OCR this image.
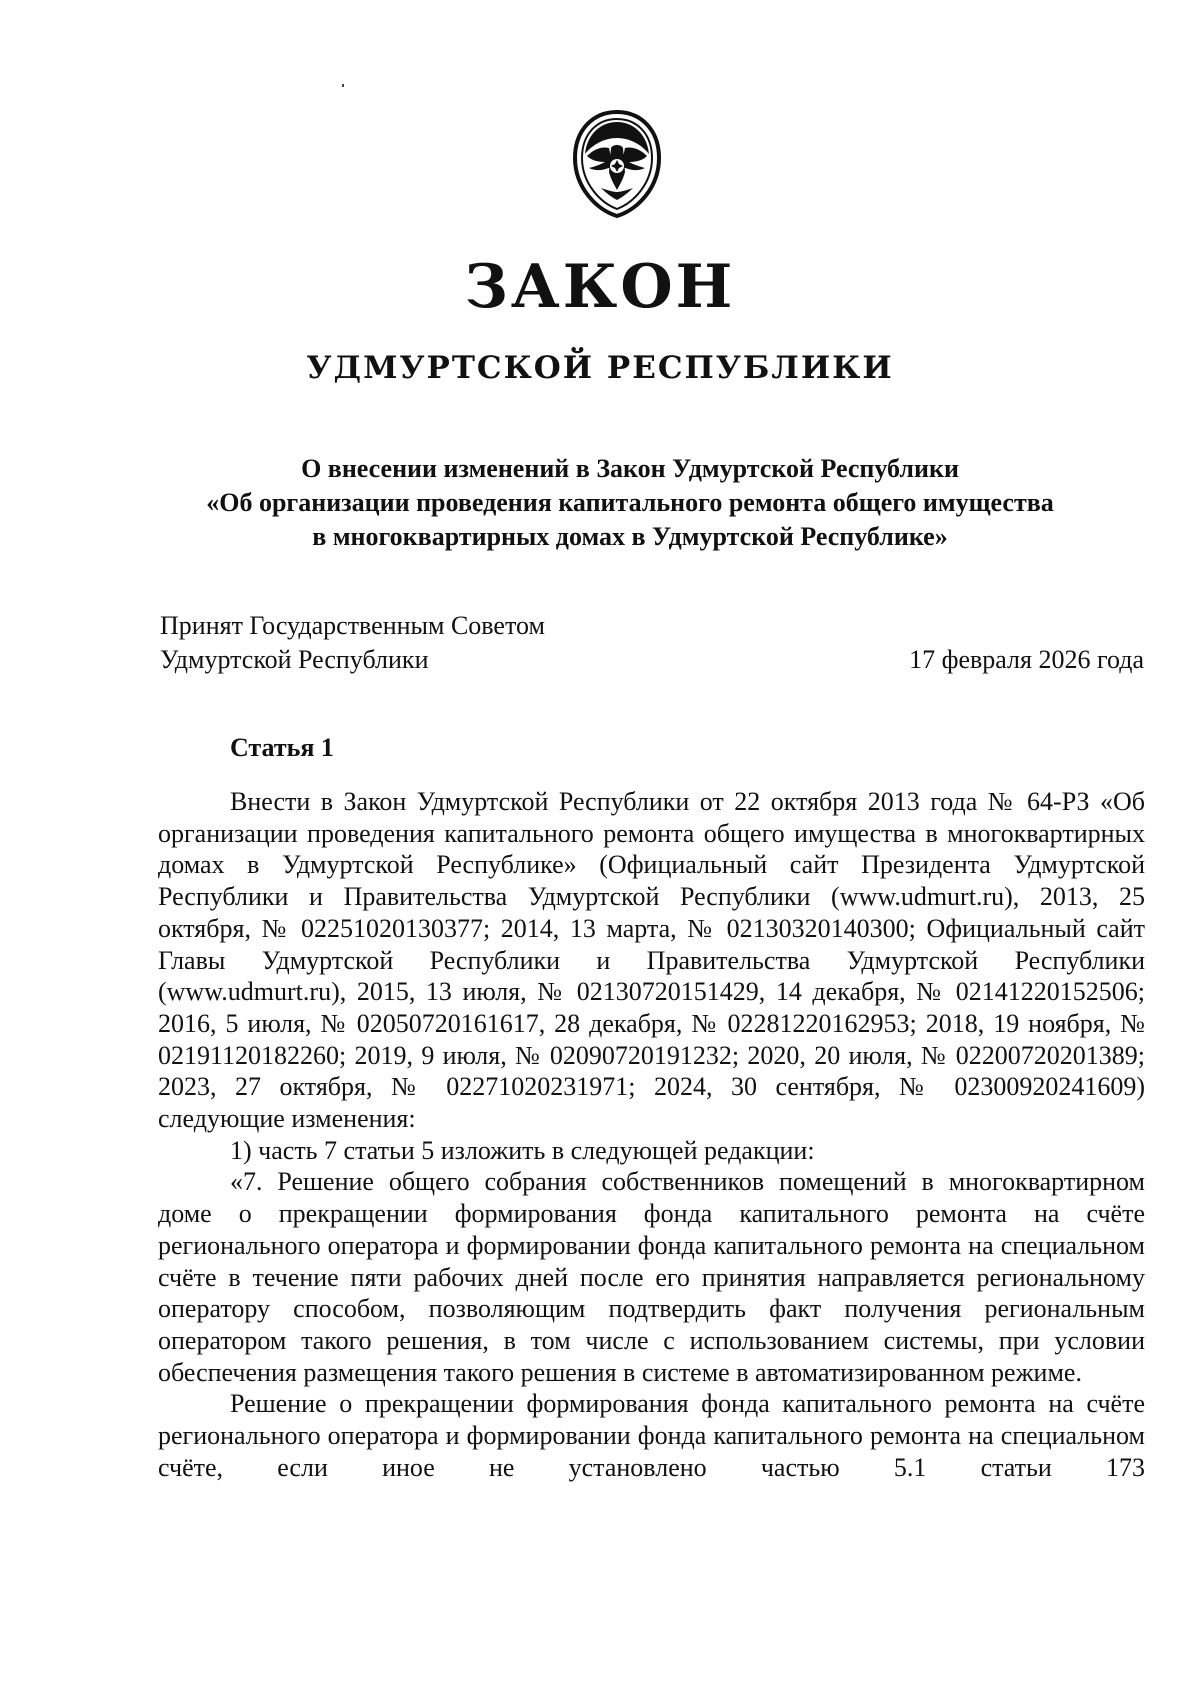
ЗАКОН
УДМУРТСКОЙ РЕСПУБЛИКИ
О внесении изменений в Закон Удмуртской Республики
«Об организации проведения капитального ремонта общего имущества
в многоквартирных домах в Удмуртской Республике»
Принят Государственным Советом
Удмуртской Республики	17 февраля 2026 года
Статья 1

Внести в Закон Удмуртской Республики от 22 октября 2013 года № 64-РЗ «Об организации проведения капитального ремонта общего имущества в многоквартирных домах в Удмуртской Республике» (Официальный сайт Президента Удмуртской Республики и Правительства Удмуртской Республики (www.udmurt.ru), 2013, 25 октября, № 02251020130377; 2014, 13 марта, № 02130320140300; Официальный сайт Главы Удмуртской Республики и Правительства Удмуртской Республики (www.udmurt.ru), 2015, 13 июля, № 02130720151429, 14 декабря, № 02141220152506; 2016, 5 июля, № 02050720161617, 28 декабря, № 02281220162953; 2018, 19 ноября, № 02191120182260; 2019, 9 июля, № 02090720191232; 2020, 20 июля, № 02200720201389; 2023, 27 октября, № 02271020231971; 2024, 30 сентября, № 02300920241609) следующие изменения:

1) часть 7 статьи 5 изложить в следующей редакции:

«7. Решение общего собрания собственников помещений в многоквартирном доме о прекращении формирования фонда капитального ремонта на счёте регионального оператора и формировании фонда капитального ремонта на специальном счёте в течение пяти рабочих дней после его принятия направляется региональному оператору способом, позволяющим подтвердить факт получения региональным оператором такого решения, в том числе с использованием системы, при условии обеспечения размещения такого решения в системе в автоматизированном режиме.

Решение о прекращении формирования фонда капитального ремонта на счёте регионального оператора и формировании фонда капитального ремонта на специальном счёте, если иное не установлено частью 5.1 статьи 173
